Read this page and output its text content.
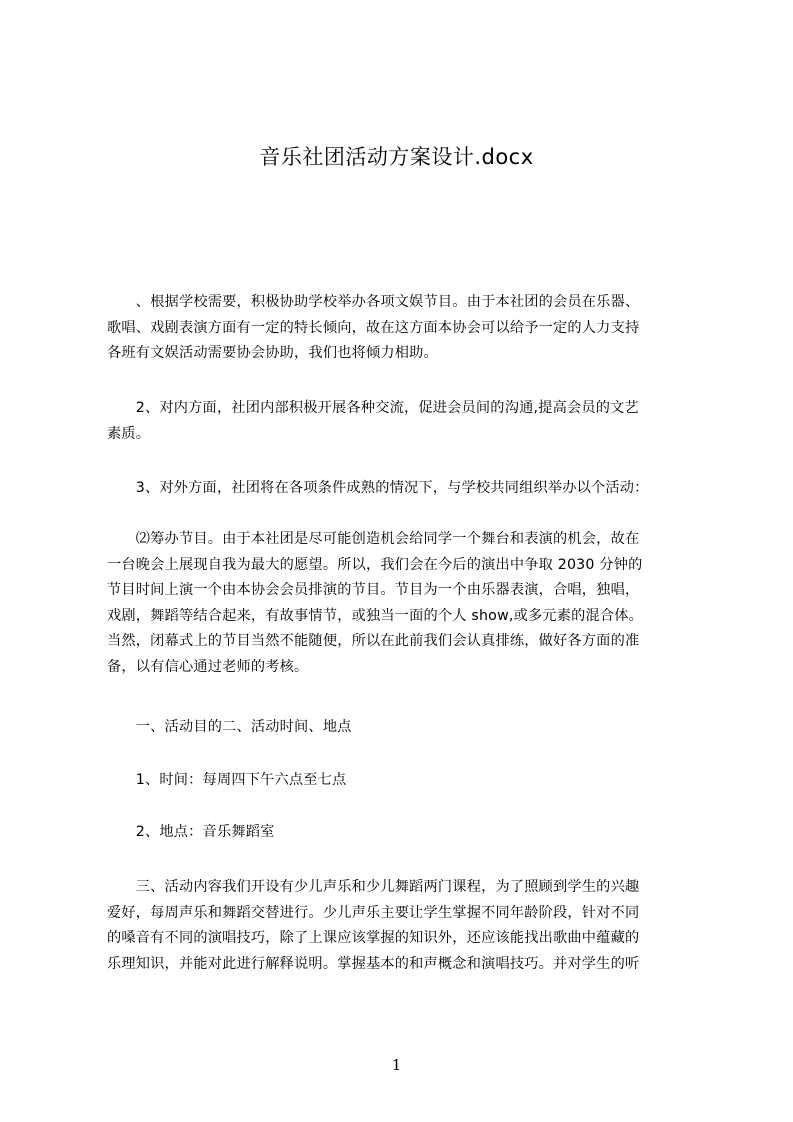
音乐社团活动方案设计.docx
　　、根据学校需要，积极协助学校举办各项文娱节目。由于本社团的会员在乐器、
歌唱、戏剧表演方面有一定的特长倾向，故在这方面本协会可以给予一定的人力支持
各班有文娱活动需要协会协助，我们也将倾力相助。
　　2、对内方面，社团内部积极开展各种交流，促进会员间的沟通,提高会员的文艺
素质。
　　3、对外方面，社团将在各项条件成熟的情况下，与学校共同组织举办以个活动：
　　⑵筹办节目。由于本社团是尽可能创造机会给同学一个舞台和表演的机会，故在
一台晚会上展现自我为最大的愿望。所以，我们会在今后的演出中争取 2030 分钟的
节目时间上演一个由本协会会员排演的节目。节目为一个由乐器表演，合唱，独唱，
戏剧，舞蹈等结合起来，有故事情节，或独当一面的个人 show,或多元素的混合体。
当然，闭幕式上的节目当然不能随便，所以在此前我们会认真排练，做好各方面的准
备，以有信心通过老师的考核。
　　一、活动目的二、活动时间、地点
　　1、时间：每周四下午六点至七点
　　2、地点：音乐舞蹈室
　　三、活动内容我们开设有少儿声乐和少儿舞蹈两门课程，为了照顾到学生的兴趣
爱好，每周声乐和舞蹈交替进行。少儿声乐主要让学生掌握不同年龄阶段，针对不同
的嗓音有不同的演唱技巧，除了上课应该掌握的知识外，还应该能找出歌曲中蕴藏的
乐理知识，并能对此进行解释说明。掌握基本的和声概念和演唱技巧。并对学生的听
1
